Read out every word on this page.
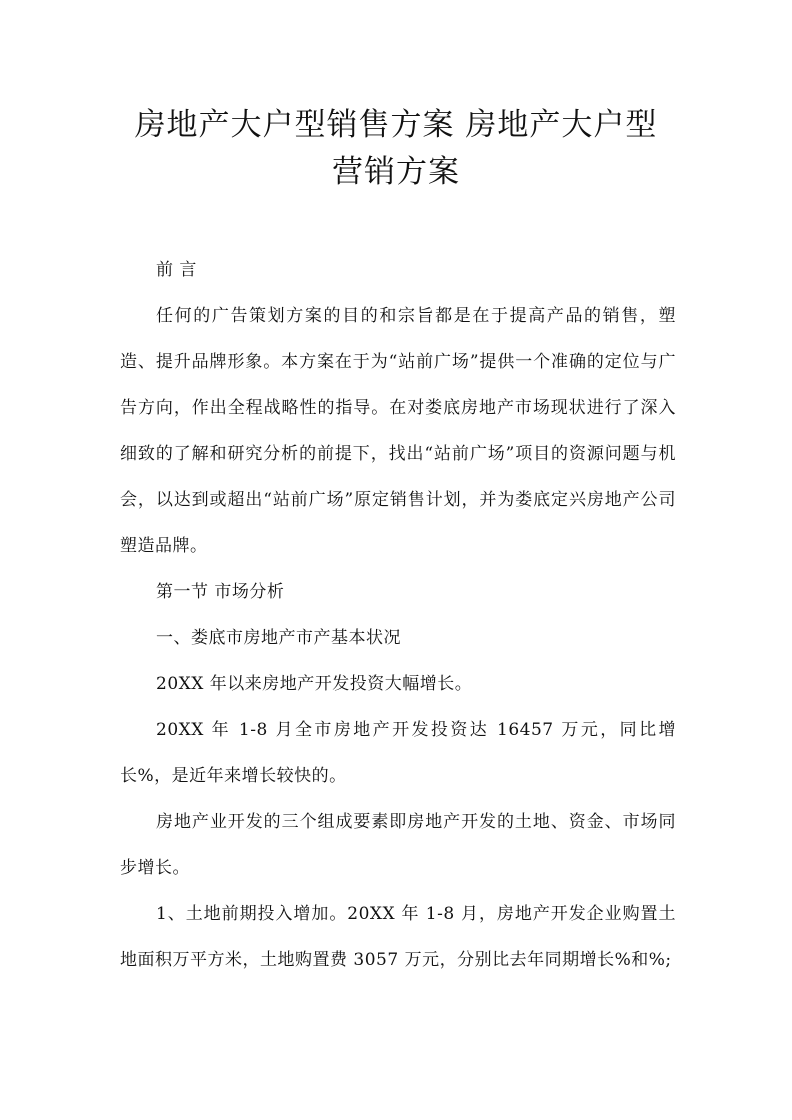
房地产大户型销售方案 房地产大户型
营销方案

前 言

任何的广告策划方案的目的和宗旨都是在于提高产品的销售，塑造、提升品牌形象。本方案在于为“站前广场”提供一个准确的定位与广告方向，作出全程战略性的指导。在对娄底房地产市场现状进行了深入细致的了解和研究分析的前提下，找出“站前广场”项目的资源问题与机会，以达到或超出“站前广场”原定销售计划，并为娄底定兴房地产公司塑造品牌。

第一节 市场分析

一、娄底市房地产市产基本状况

20XX 年以来房地产开发投资大幅增长。

20XX 年 1-8 月全市房地产开发投资达 16457 万元，同比增长%，是近年来增长较快的。

房地产业开发的三个组成要素即房地产开发的土地、资金、市场同步增长。

1、土地前期投入增加。20XX 年 1-8 月，房地产开发企业购置土地面积万平方米，土地购置费 3057 万元，分别比去年同期增长%和%;
